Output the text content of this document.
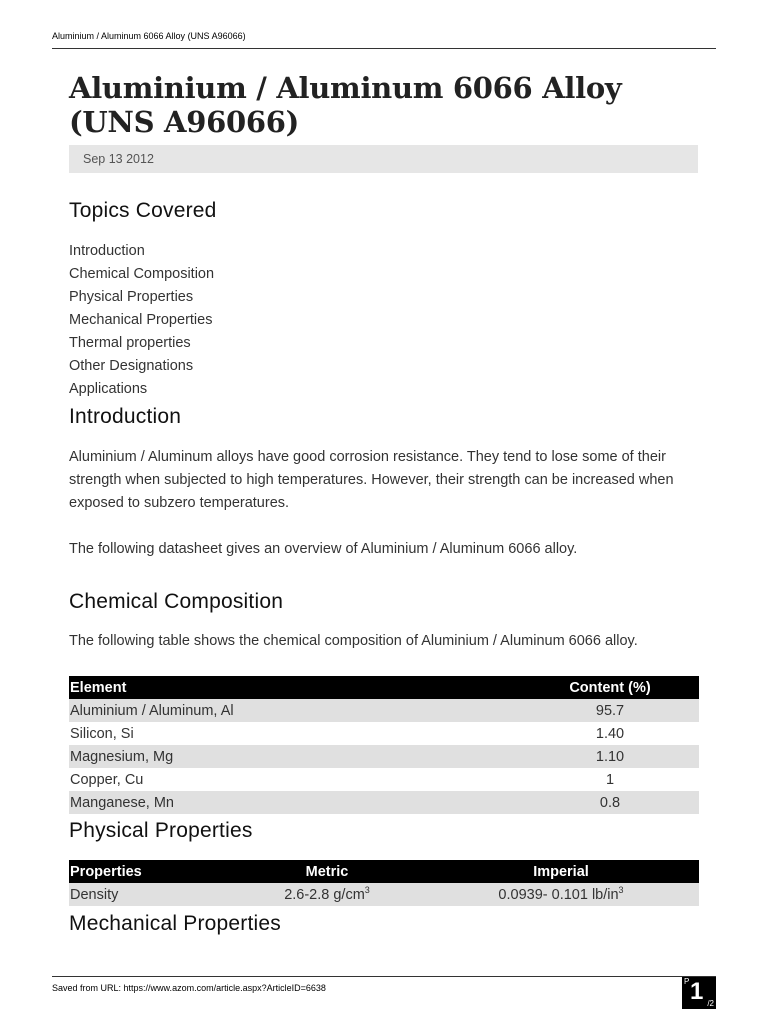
Aluminium / Aluminum 6066 Alloy (UNS A96066)
Aluminium / Aluminum 6066 Alloy (UNS A96066)
Sep 13 2012
Topics Covered
Introduction
Chemical Composition
Physical Properties
Mechanical Properties
Thermal properties
Other Designations
Applications
Introduction

Aluminium / Aluminum alloys have good corrosion resistance. They tend to lose some of their strength when subjected to high temperatures. However, their strength can be increased when exposed to subzero temperatures.

The following datasheet gives an overview of Aluminium / Aluminum 6066 alloy.

Chemical Composition

The following table shows the chemical composition of Aluminium / Aluminum 6066 alloy.

Element	Content (%)
Aluminium / Aluminum, Al	95.7
Silicon, Si	1.40
Magnesium, Mg	1.10
Copper, Cu	1
Manganese, Mn	0.8
Physical Properties
Properties	Metric	Imperial
Density	2.6-2.8 $g/cm^3$	0.0939- 0.101 $lb/in^3$
Mechanical Properties
Saved from URL: https://www.azom.com/article.aspx?ArticleID=6638
P 1 /2
